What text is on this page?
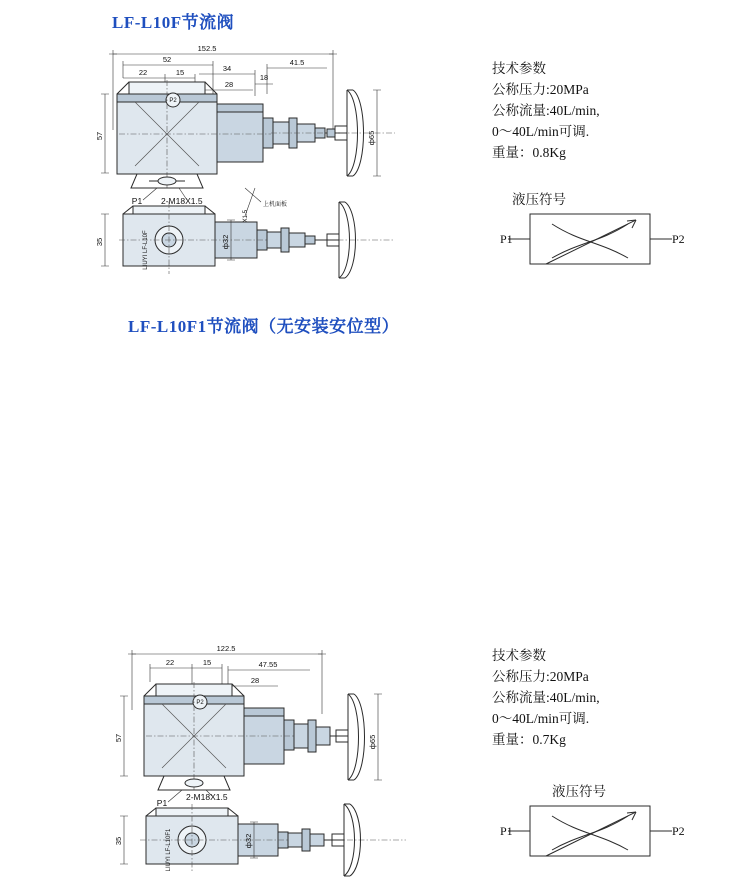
LF-L10F节流阀
技术参数
公称压力:20MPa
公称流量:40L/min,
0～40L/min可调.
重量：0.8Kg
液压符号
P1	P2
152.5
52
22	15	34
41.5
18
28
57
P2
ф65
P1 2-M18X1.5	上机面板
35	LIUYI LF-L10F	ф32
LF-L10F1节流阀（无安装安位型）
技术参数
公称压力:20MPa
公称流量:40L/min,
0～40L/min可调.
重量：0.7Kg
液压符号
P1	P2
122.5
22	15	47.55
28
57
P2
ф65
P1
2-M18X1.5
35	LIUYI LF-L10F1	ф32
